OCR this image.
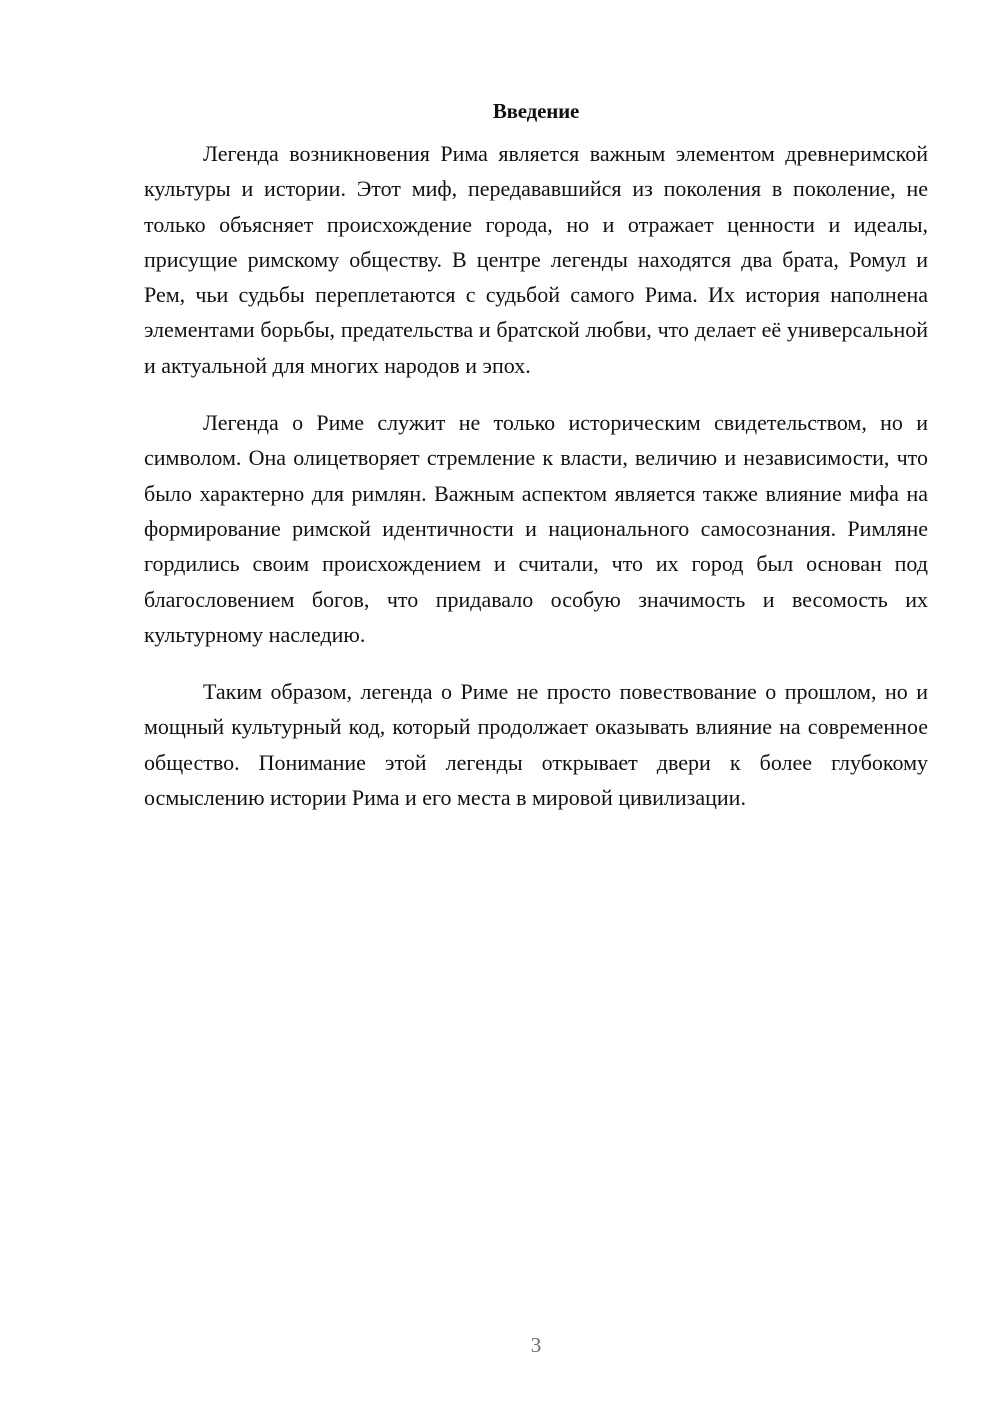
Введение

Легенда возникновения Рима является важным элементом древнеримской культуры и истории. Этот миф, передававшийся из поколения в поколение, не только объясняет происхождение города, но и отражает ценности и идеалы, присущие римскому обществу. В центре легенды находятся два брата, Ромул и Рем, чьи судьбы переплетаются с судьбой самого Рима. Их история наполнена элементами борьбы, предательства и братской любви, что делает её универсальной и актуальной для многих народов и эпох.

Легенда о Риме служит не только историческим свидетельством, но и символом. Она олицетворяет стремление к власти, величию и независимости, что было характерно для римлян. Важным аспектом является также влияние мифа на формирование римской идентичности и национального самосознания. Римляне гордились своим происхождением и считали, что их город был основан под благословением богов, что придавало особую значимость и весомость их культурному наследию.

Таким образом, легенда о Риме не просто повествование о прошлом, но и мощный культурный код, который продолжает оказывать влияние на современное общество. Понимание этой легенды открывает двери к более глубокому осмыслению истории Рима и его места в мировой цивилизации.

3
